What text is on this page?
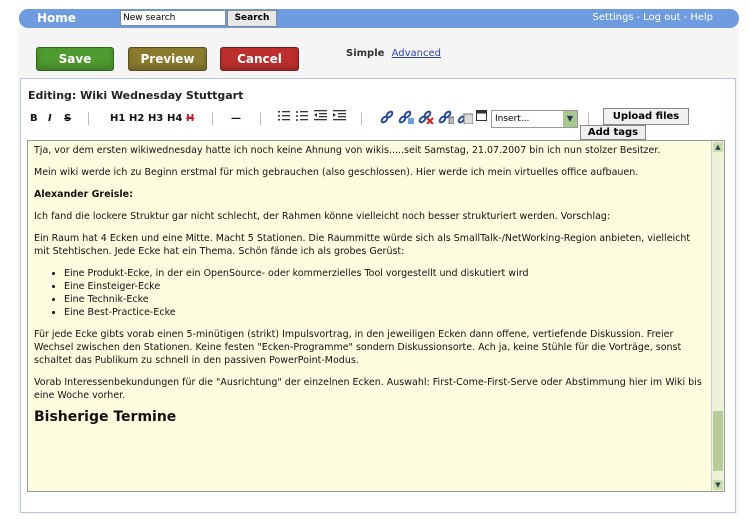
Home	New search	Search	Settings - Log out - Help
Save	Preview	Cancel	Simple Advanced
Editing: Wiki Wednesday Stuttgart
B I S	H1 H2 H3 H4 H	—	Insert...	▼	Upload files
Add tags

Tja, vor dem ersten wikiwednesday hatte ich noch keine Ahnung von wikis.....seit Samstag, 21.07.2007 bin ich nun stolzer Besitzer.

Mein wiki werde ich zu Beginn erstmal für mich gebrauchen (also geschlossen). Hier werde ich mein virtuelles office aufbauen.

Alexander Greisle:

Ich fand die lockere Struktur gar nicht schlecht, der Rahmen könne vielleicht noch besser strukturiert werden. Vorschlag:

Ein Raum hat 4 Ecken und eine Mitte. Macht 5 Stationen. Die Raummitte würde sich als SmallTalk-/NetWorking-Region anbieten, vielleicht mit Stehtischen. Jede Ecke hat ein Thema. Schön fände ich als grobes Gerüst:

• Eine Produkt-Ecke, in der ein OpenSource- oder kommerzielles Tool vorgestellt und diskutiert wird
• Eine Einsteiger-Ecke
• Eine Technik-Ecke
• Eine Best-Practice-Ecke

Für jede Ecke gibts vorab einen 5-minütigen (strikt) Impulsvortrag, in den jeweiligen Ecken dann offene, vertiefende Diskussion. Freier Wechsel zwischen den Stationen. Keine festen "Ecken-Programme" sondern Diskussionsorte. Ach ja, keine Stühle für die Vorträge, sonst schaltet das Publikum zu schnell in den passiven PowerPoint-Modus.

Vorab Interessenbekundungen für die "Ausrichtung" der einzelnen Ecken. Auswahl: First-Come-First-Serve oder Abstimmung hier im Wiki bis eine Woche vorher.

Bisherige Termine

▲
▼
